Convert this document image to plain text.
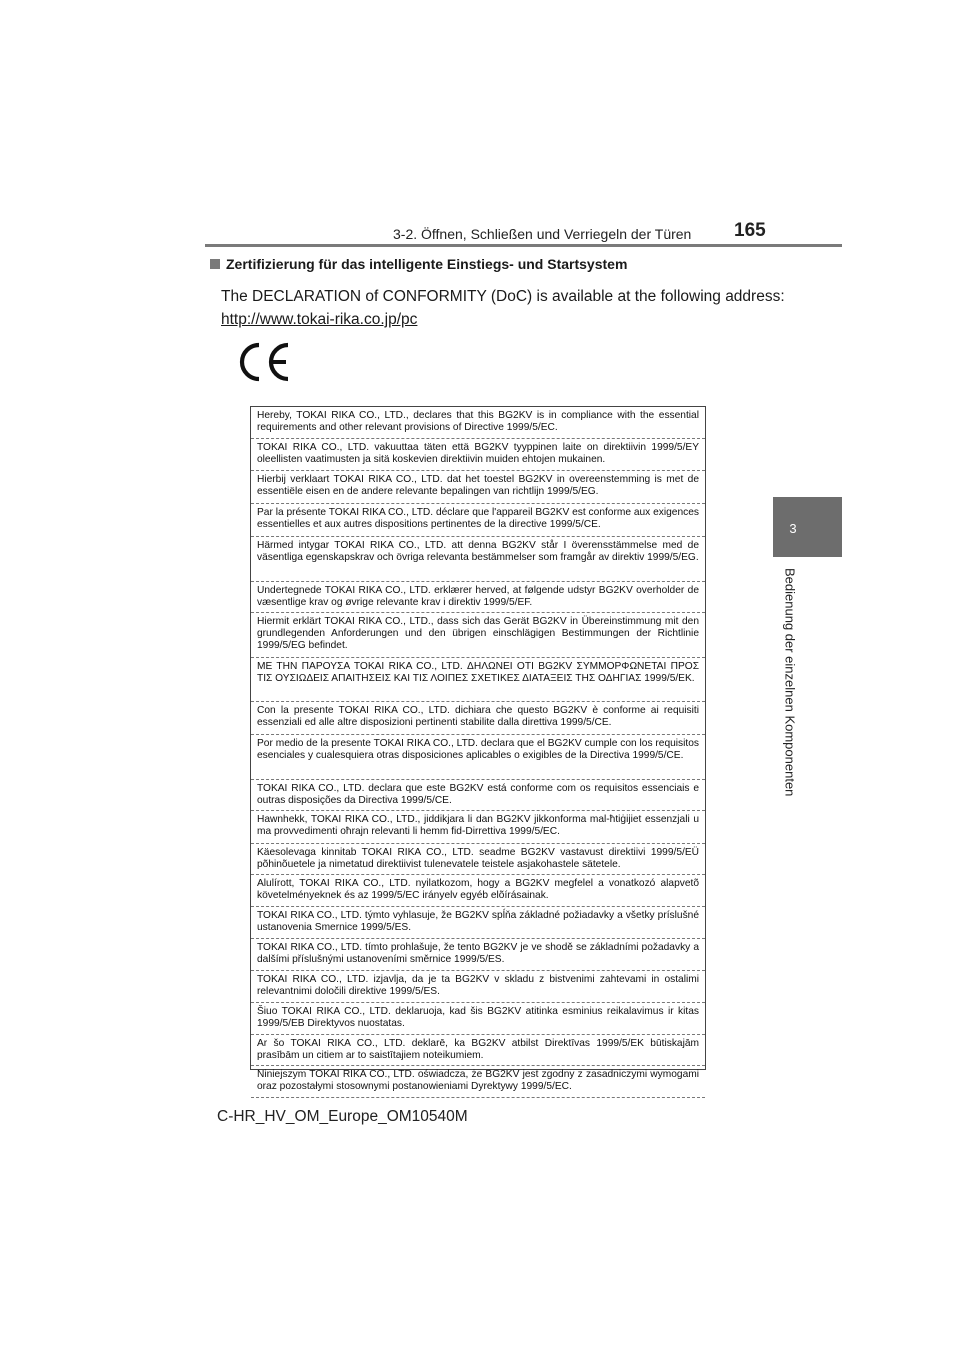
3-2. Öffnen, Schließen und Verriegeln der Türen 165
3
Bedienung der einzelnen Komponenten
Zertifizierung für das intelligente Einstiegs- und Startsystem
The DECLARATION of CONFORMITY (DoC) is available at the following address:
http://www.tokai-rika.co.jp/pc
Hereby, TOKAI RIKA CO., LTD., declares that this BG2KV is in compliance with the essential requirements and other relevant provisions of Directive 1999/5/EC.
TOKAI RIKA CO., LTD. vakuuttaa täten että BG2KV tyyppinen laite on direktiivin 1999/5/EY oleellisten vaatimusten ja sitä koskevien direktiivin muiden ehtojen mukainen.
Hierbij verklaart TOKAI RIKA CO., LTD. dat het toestel BG2KV in overeenstemming is met de essentiële eisen en de andere relevante bepalingen van richtlijn 1999/5/EG.
Par la présente TOKAI RIKA CO., LTD. déclare que l'appareil BG2KV est conforme aux exigences essentielles et aux autres dispositions pertinentes de la directive 1999/5/CE.
Härmed intygar TOKAI RIKA CO., LTD. att denna BG2KV står I överensstämmelse med de väsentliga egenskapskrav och övriga relevanta bestämmelser som framgår av direktiv 1999/5/EG.
Undertegnede TOKAI RIKA CO., LTD. erklærer herved, at følgende udstyr BG2KV overholder de væsentlige krav og øvrige relevante krav i direktiv 1999/5/EF.
Hiermit erklärt TOKAI RIKA CO., LTD., dass sich das Gerät BG2KV in Übereinstimmung mit den grundlegenden Anforderungen und den übrigen einschlägigen Bestimmungen der Richtlinie 1999/5/EG befindet.
ΜΕ ΤΗΝ ΠΑΡΟΥΣΑ TOKAI RIKA CO., LTD. ΔΗΛΩΝΕΙ ΟΤΙ BG2KV ΣΥΜΜΟΡΦΩΝΕΤΑΙ ΠΡΟΣ ΤΙΣ ΟΥΣΙΩΔΕΙΣ ΑΠΑΙΤΗΣΕΙΣ ΚΑΙ ΤΙΣ ΛΟΙΠΕΣ ΣΧΕΤΙΚΕΣ ΔΙΑΤΑΞΕΙΣ ΤΗΣ ΟΔΗΓΙΑΣ 1999/5/ΕΚ.
Con la presente TOKAI RIKA CO., LTD. dichiara che questo BG2KV è conforme ai requisiti essenziali ed alle altre disposizioni pertinenti stabilite dalla direttiva 1999/5/CE.
Por medio de la presente TOKAI RIKA CO., LTD. declara que el BG2KV cumple con los requisitos esenciales y cualesquiera otras disposiciones aplicables o exigibles de la Directiva 1999/5/CE.
TOKAI RIKA CO., LTD. declara que este BG2KV está conforme com os requisitos essenciais e outras disposições da Directiva 1999/5/CE.
Hawnhekk, TOKAI RIKA CO., LTD., jiddikjara li dan BG2KV jikkonforma mal-ħtiġijiet essenzjali u ma provvedimenti oħrajn relevanti li hemm fid-Dirrettiva 1999/5/EC.
Käesolevaga kinnitab TOKAI RIKA CO., LTD. seadme BG2KV vastavust direktiivi 1999/5/EÜ põhinõuetele ja nimetatud direktiivist tulenevatele teistele asjakohastele sätetele.
Alulírott, TOKAI RIKA CO., LTD. nyilatkozom, hogy a BG2KV megfelel a vonatkozó alapvetõ követelményeknek és az 1999/5/EC irányelv egyéb elõírásainak.
TOKAI RIKA CO., LTD. týmto vyhlasuje, že BG2KV spĺňa základné požiadavky a všetky príslušné ustanovenia Smernice 1999/5/ES.
TOKAI RIKA CO., LTD. tímto prohlašuje, že tento BG2KV je ve shodě se základními požadavky a dalšími příslušnými ustanoveními směrnice 1999/5/ES.
TOKAI RIKA CO., LTD. izjavlja, da je ta BG2KV v skladu z bistvenimi zahtevami in ostalimi relevantnimi določili direktive 1999/5/ES.
Šiuo TOKAI RIKA CO., LTD. deklaruoja, kad šis BG2KV atitinka esminius reikalavimus ir kitas 1999/5/EB Direktyvos nuostatas.
Ar šo TOKAI RIKA CO., LTD. deklarē, ka BG2KV atbilst Direktīvas 1999/5/EK būtiskajām prasībām un citiem ar to saistītajiem noteikumiem.
Niniejszym TOKAI RIKA CO., LTD. oświadcza, że BG2KV jest zgodny z zasadniczymi wymogami oraz pozostałymi stosownymi postanowieniami Dyrektywy 1999/5/EC.
C-HR_HV_OM_Europe_OM10540M
